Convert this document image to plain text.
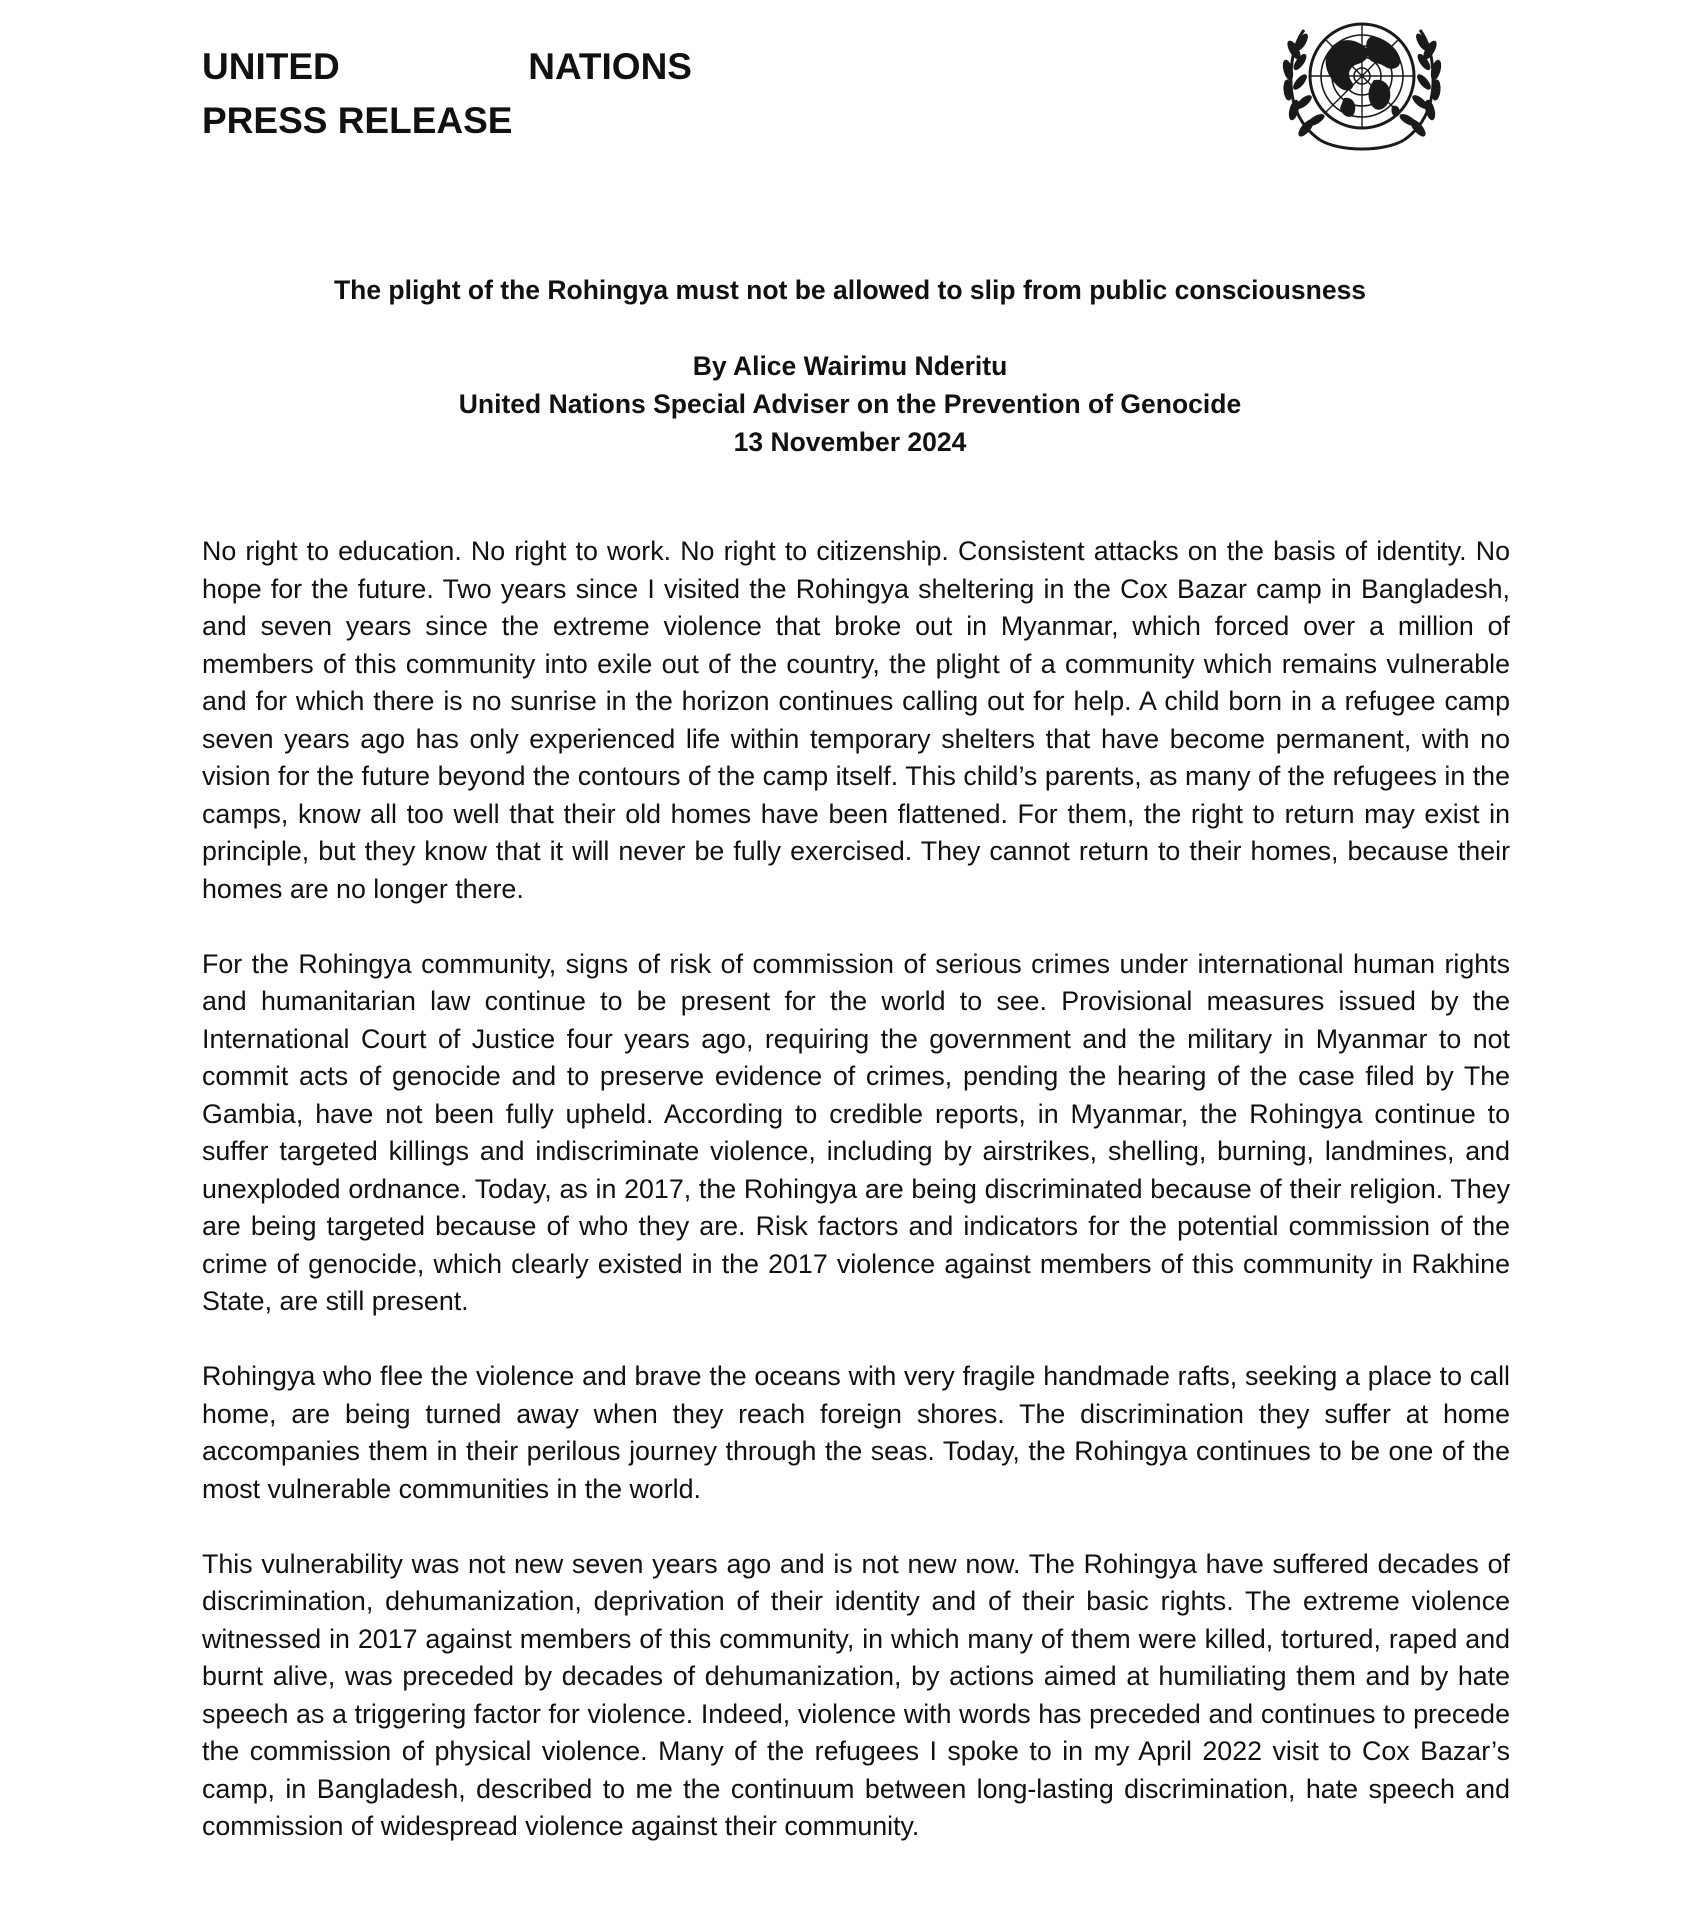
UNITED	NATIONS
PRESS RELEASE
The plight of the Rohingya must not be allowed to slip from public consciousness
By Alice Wairimu Nderitu
United Nations Special Adviser on the Prevention of Genocide
13 November 2024

No right to education. No right to work. No right to citizenship. Consistent attacks on the basis of identity. No hope for the future. Two years since I visited the Rohingya sheltering in the Cox Bazar camp in Bangladesh, and seven years since the extreme violence that broke out in Myanmar, which forced over a million of members of this community into exile out of the country, the plight of a community which remains vulnerable and for which there is no sunrise in the horizon continues calling out for help. A child born in a refugee camp seven years ago has only experienced life within temporary shelters that have become permanent, with no vision for the future beyond the contours of the camp itself. This child’s parents, as many of the refugees in the camps, know all too well that their old homes have been flattened. For them, the right to return may exist in principle, but they know that it will never be fully exercised. They cannot return to their homes, because their homes are no longer there.

For the Rohingya community, signs of risk of commission of serious crimes under international human rights and humanitarian law continue to be present for the world to see. Provisional measures issued by the International Court of Justice four years ago, requiring the government and the military in Myanmar to not commit acts of genocide and to preserve evidence of crimes, pending the hearing of the case filed by The Gambia, have not been fully upheld. According to credible reports, in Myanmar, the Rohingya continue to suffer targeted killings and indiscriminate violence, including by airstrikes, shelling, burning, landmines, and unexploded ordnance. Today, as in 2017, the Rohingya are being discriminated because of their religion. They are being targeted because of who they are. Risk factors and indicators for the potential commission of the crime of genocide, which clearly existed in the 2017 violence against members of this community in Rakhine State, are still present.

Rohingya who flee the violence and brave the oceans with very fragile handmade rafts, seeking a place to call home, are being turned away when they reach foreign shores. The discrimination they suffer at home accompanies them in their perilous journey through the seas. Today, the Rohingya continues to be one of the most vulnerable communities in the world.

This vulnerability was not new seven years ago and is not new now. The Rohingya have suffered decades of discrimination, dehumanization, deprivation of their identity and of their basic rights. The extreme violence witnessed in 2017 against members of this community, in which many of them were killed, tortured, raped and burnt alive, was preceded by decades of dehumanization, by actions aimed at humiliating them and by hate speech as a triggering factor for violence. Indeed, violence with words has preceded and continues to precede the commission of physical violence. Many of the refugees I spoke to in my April 2022 visit to Cox Bazar’s camp, in Bangladesh, described to me the continuum between long-lasting discrimination, hate speech and commission of widespread violence against their community.
